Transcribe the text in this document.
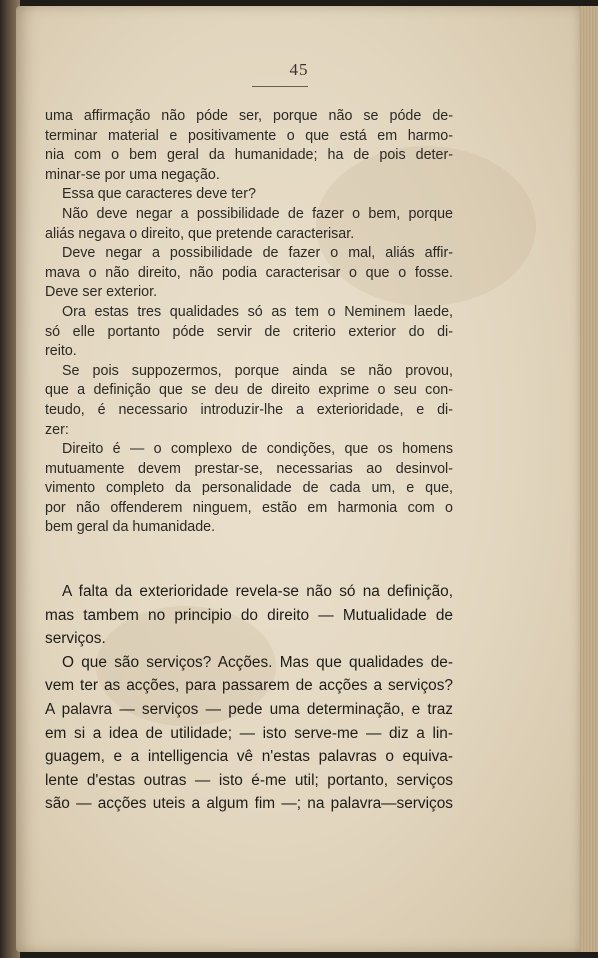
45
uma affirmação não póde ser, porque não se póde de-
terminar material e positivamente o que está em harmo-
nia com o bem geral da humanidade; ha de pois deter-
minar-se por uma negação.
Essa que caracteres deve ter?
Não deve negar a possibilidade de fazer o bem, porque
aliás negava o direito, que pretende caracterisar.
Deve negar a possibilidade de fazer o mal, aliás affir-
mava o não direito, não podia caracterisar o que o fosse.
Deve ser exterior.
Ora estas tres qualidades só as tem o Neminem laede,
só elle portanto póde servir de criterio exterior do di-
reito.
Se pois suppozermos, porque ainda se não provou,
que a definição que se deu de direito exprime o seu con-
teudo, é necessario introduzir-lhe a exterioridade, e di-
zer:
Direito é — o complexo de condições, que os homens
mutuamente devem prestar-se, necessarias ao desinvol-
vimento completo da personalidade de cada um, e que,
por não offenderem ninguem, estão em harmonia com o
bem geral da humanidade.
A falta da exterioridade revela-se não só na definição,
mas tambem no principio do direito — Mutualidade de
serviços.
O que são serviços? Acções. Mas que qualidades de-
vem ter as acções, para passarem de acções a serviços?
A palavra — serviços — pede uma determinação, e traz
em si a idea de utilidade; — isto serve-me — diz a lin-
guagem, e a intelligencia vê n'estas palavras o equiva-
lente d'estas outras — isto é-me util; portanto, serviços
são — acções uteis a algum fim —; na palavra—serviços
